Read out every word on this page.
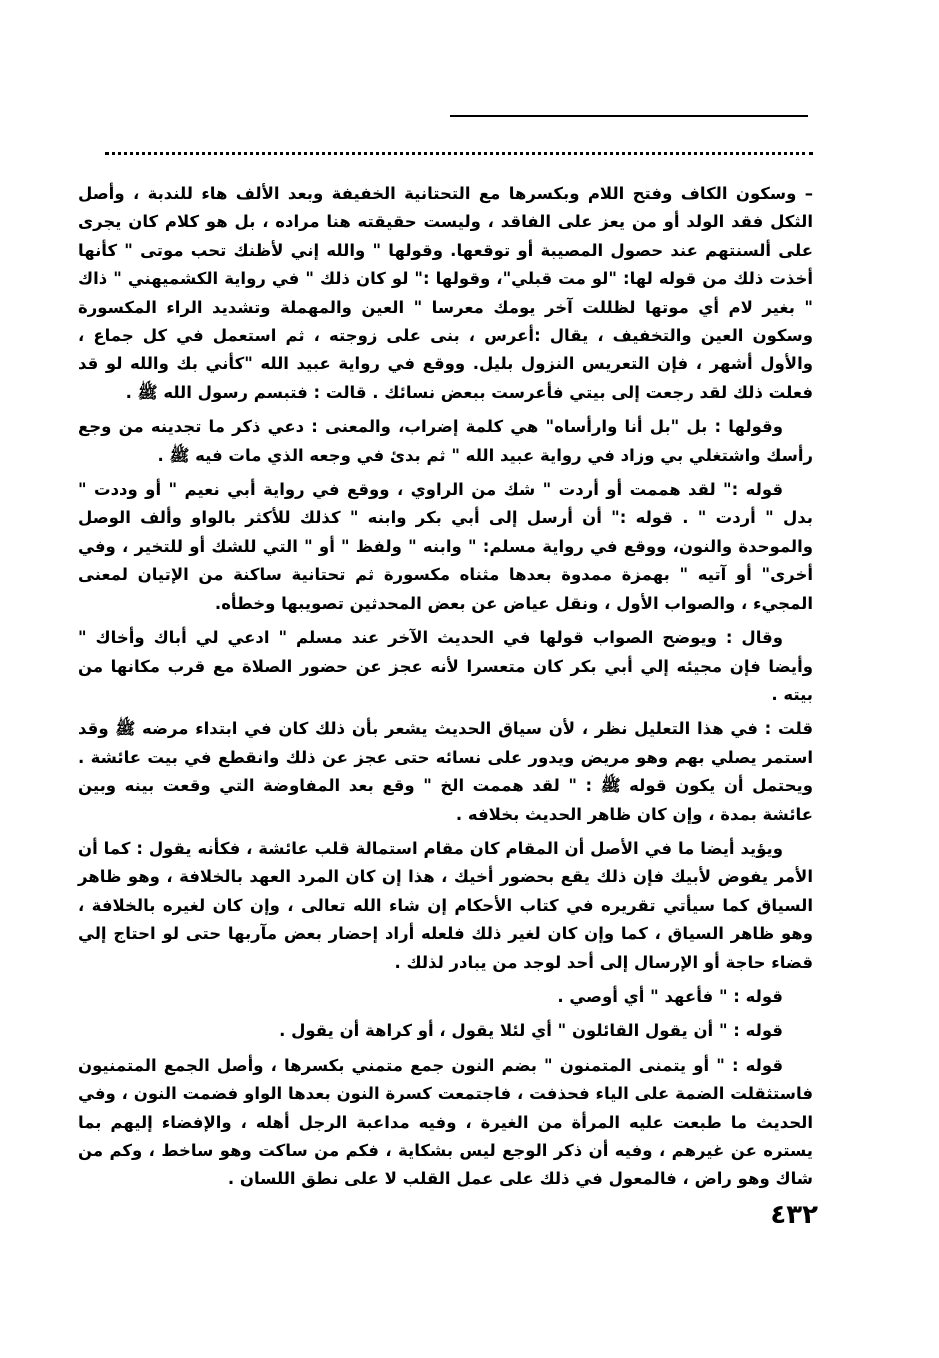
– وسكون الكاف وفتح اللام وبكسرها مع التحتانية الخفيفة وبعد الألف هاء للندبة ، وأصل الثكل فقد الولد أو من يعز على الفاقد ، وليست حقيقته هنا مراده ، بل هو كلام كان يجرى على ألسنتهم عند حصول المصيبة أو توقعها. وقولها " والله إني لأظنك تحب موتى " كأنها أخذت ذلك من قوله لها: "لو مت قبلي"، وقولها :" لو كان ذلك " في رواية الكشميهني " ذاك " بغير لام أي موتها لظللت آخر يومك معرسا " العين والمهملة وتشديد الراء المكسورة وسكون العين والتخفيف ، يقال :أعرس ، بنى على زوجته ، ثم استعمل في كل جماع ، والأول أشهر ، فإن التعريس النزول بليل. ووقع في رواية عبيد الله "كأني بك والله لو قد فعلت ذلك لقد رجعت إلى بيتي فأعرست ببعض نسائك . قالت : فتبسم رسول الله ﷺ .

وقولها : بل "بل أنا وارأساه" هي كلمة إضراب، والمعنى : دعي ذكر ما تجدينه من وجع رأسك واشتغلي بي وزاد في رواية عبيد الله " ثم بدئ في وجعه الذي مات فيه ﷺ .

قوله :" لقد هممت أو أردت " شك من الراوي ، ووقع في رواية أبي نعيم " أو وددت " بدل " أردت " . قوله :" أن أرسل إلى أبي بكر وابنه " كذلك للأكثر بالواو وألف الوصل والموحدة والنون، ووقع في رواية مسلم: " وابنه " ولفظ " أو " التي للشك أو للتخير ، وفي أخرى" أو آتيه " بهمزة ممدوة بعدها مثناه مكسورة ثم تحتانية ساكنة من الإتيان لمعنى المجيء ، والصواب الأول ، ونقل عياض عن بعض المحدثين تصويبها وخطأه.

وقال : ويوضح الصواب قولها في الحديث الآخر عند مسلم " ادعي لي أباك وأخاك " وأيضا فإن مجيئه إلي أبي بكر كان متعسرا لأنه عجز عن حضور الصلاة مع قرب مكانها من بيته .

قلت : في هذا التعليل نظر ، لأن سياق الحديث يشعر بأن ذلك كان في ابتداء مرضه ﷺ وقد استمر يصلي بهم وهو مريض ويدور على نسائه حتى عجز عن ذلك وانقطع في بيت عائشة . ويحتمل أن يكون قوله ﷺ : " لقد هممت الخ " وقع بعد المفاوضة التي وقعت بينه وبين عائشة بمدة ، وإن كان ظاهر الحديث بخلافه .

ويؤيد أيضا ما في الأصل أن المقام كان مقام استمالة قلب عائشة ، فكأنه يقول : كما أن الأمر يفوض لأبيك فإن ذلك يقع بحضور أخيك ، هذا إن كان المرد العهد بالخلافة ، وهو ظاهر السياق كما سيأتي تقريره في كتاب الأحكام إن شاء الله تعالى ، وإن كان لغيره بالخلافة ، وهو ظاهر السياق ، كما وإن كان لغير ذلك فلعله أراد إحضار بعض مآربها حتى لو احتاج إلي قضاء حاجة أو الإرسال إلى أحد لوجد من يبادر لذلك .

قوله : " فأعهد " أي أوصي .

قوله : " أن يقول القائلون " أي لئلا يقول ، أو كراهة أن يقول .

قوله : " أو يتمنى المتمنون " بضم النون جمع متمني بكسرها ، وأصل الجمع المتمنيون فاستثقلت الضمة على الياء فحذفت ، فاجتمعت كسرة النون بعدها الواو فضمت النون ، وفي الحديث ما طبعت عليه المرأة من الغيرة ، وفيه مداعبة الرجل أهله ، والإفضاء إليهم بما يستره عن غيرهم ، وفيه أن ذكر الوجع ليس بشكاية ، فكم من ساكت وهو ساخط ، وكم من شاك وهو راض ، فالمعول في ذلك على عمل القلب لا على نطق اللسان .

٤٣٢
